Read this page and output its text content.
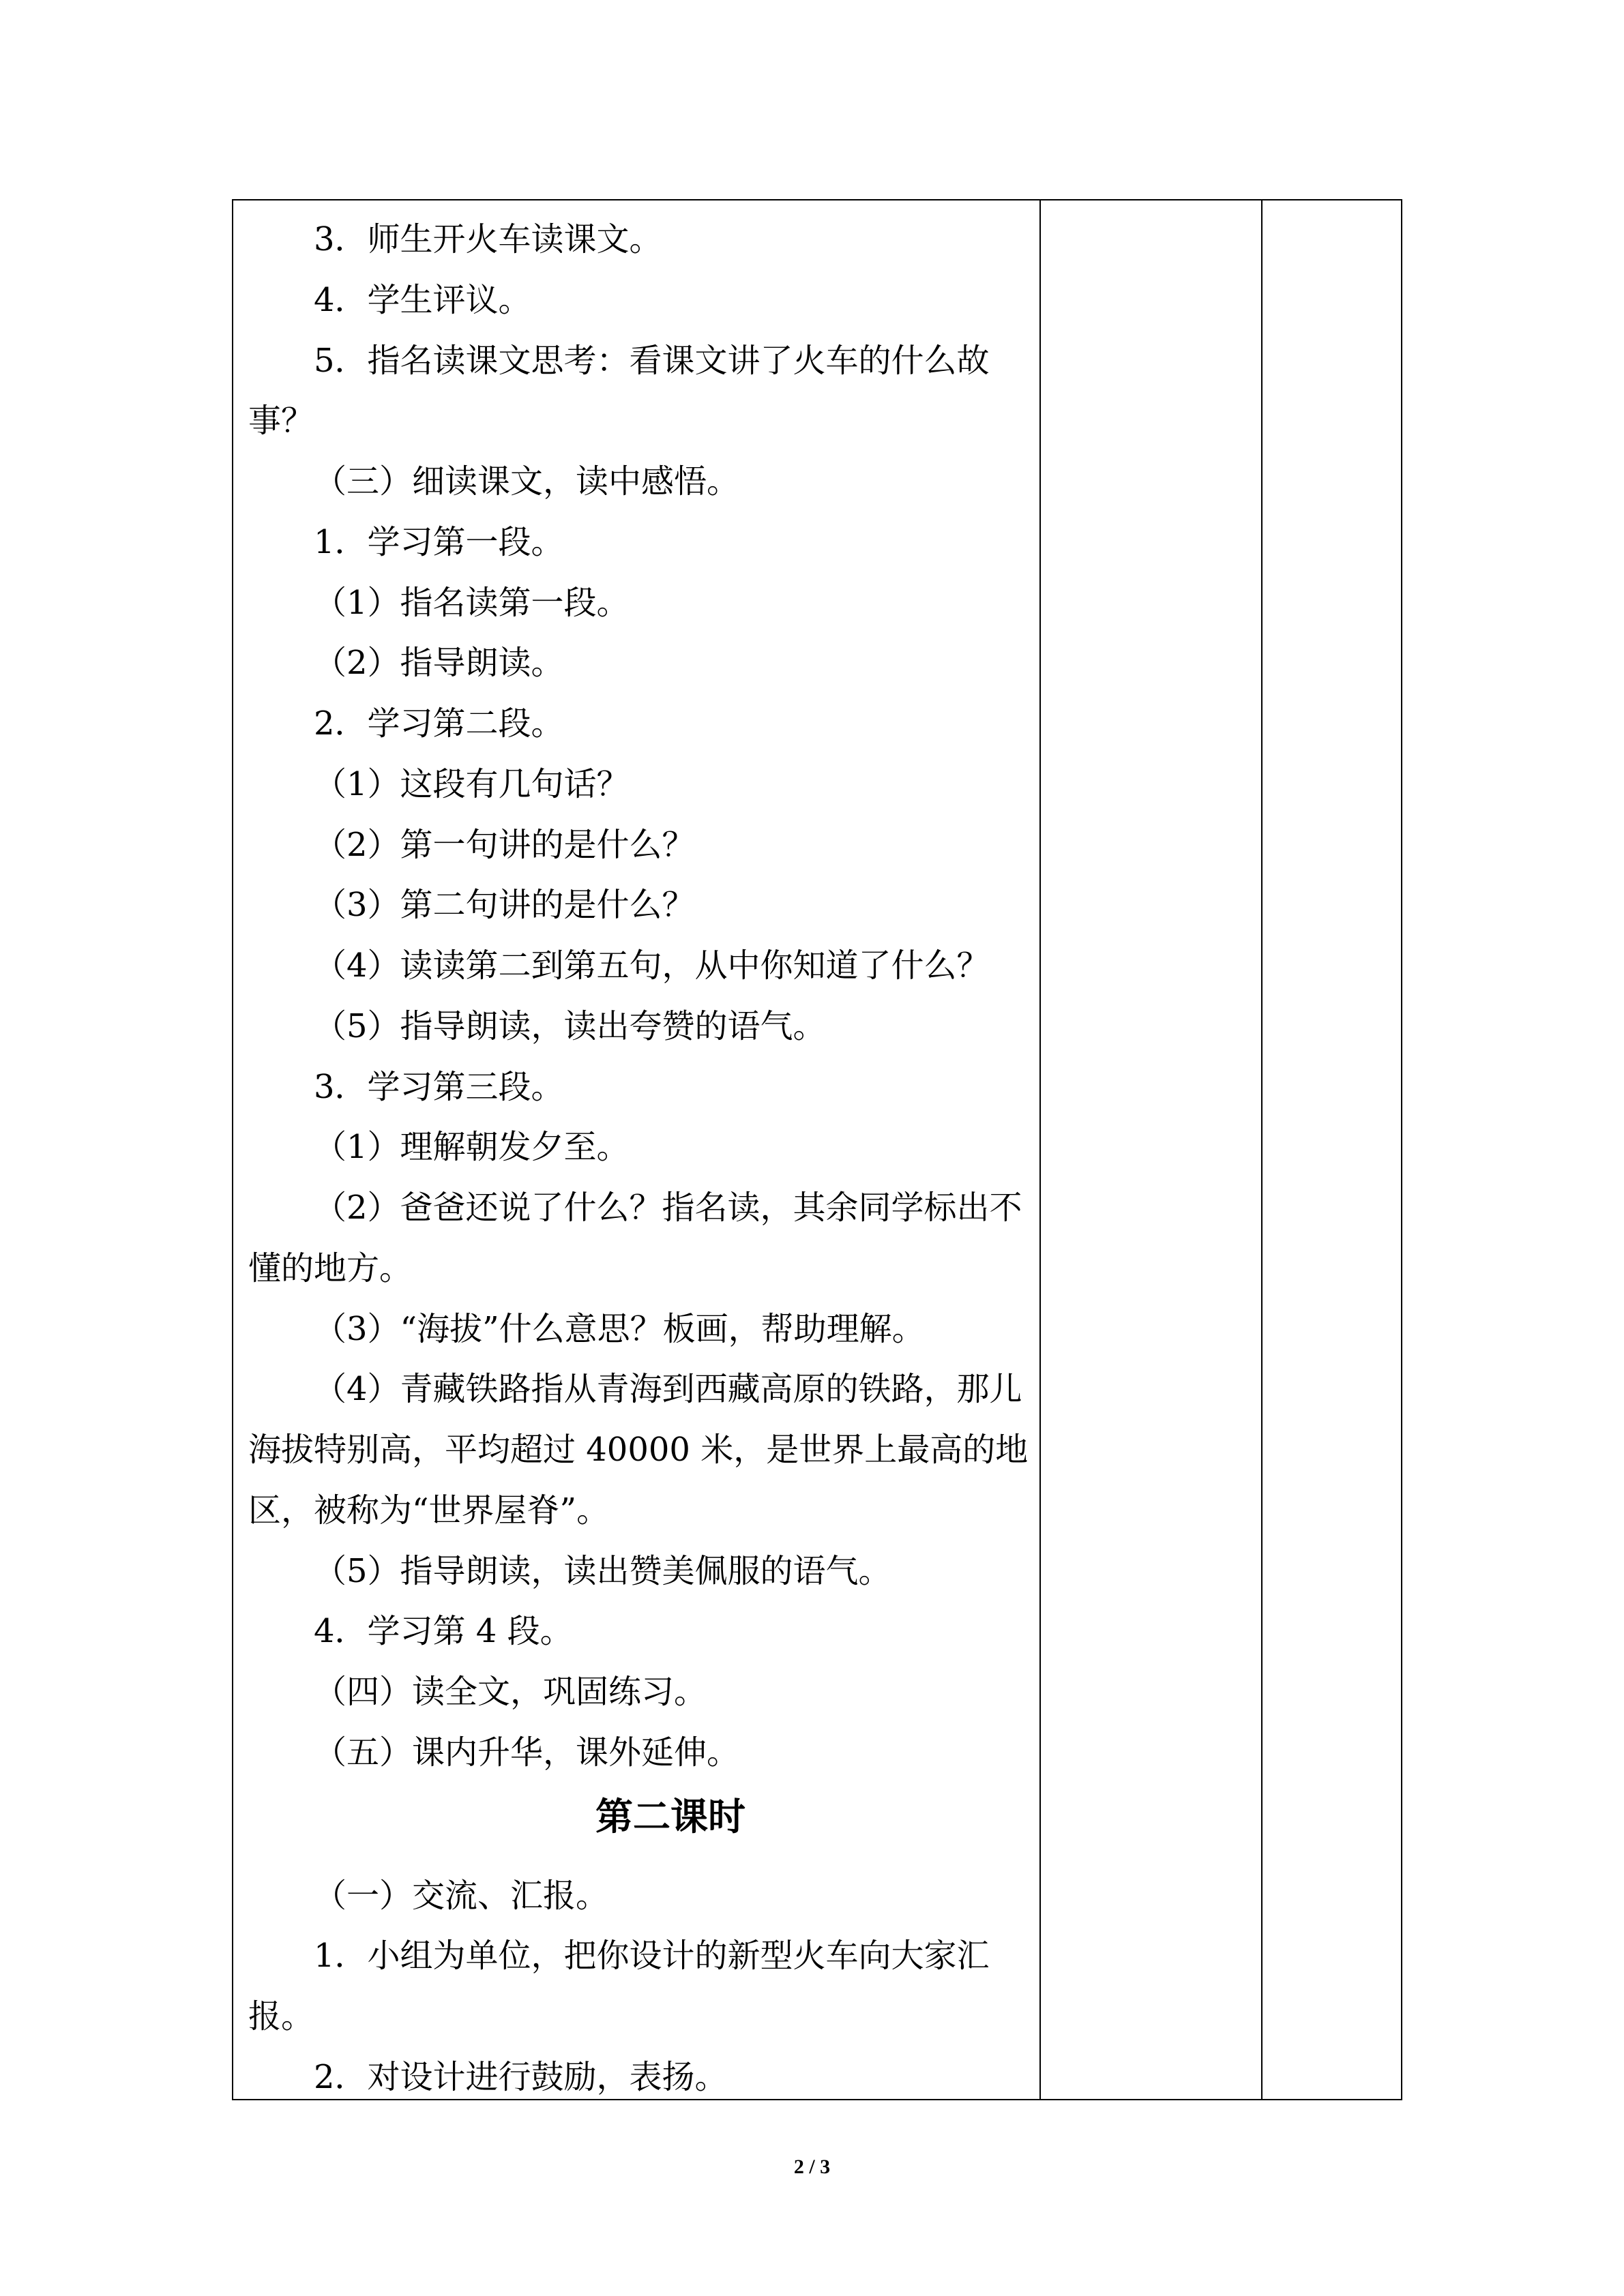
3．师生开火车读课文。
4．学生评议。
5．指名读课文思考：看课文讲了火车的什么故
事？
（三）细读课文，读中感悟。
1．学习第一段。
（1）指名读第一段。
（2）指导朗读。
2．学习第二段。
（1）这段有几句话？
（2）第一句讲的是什么？
（3）第二句讲的是什么？
（4）读读第二到第五句，从中你知道了什么？
（5）指导朗读，读出夸赞的语气。
3．学习第三段。
（1）理解朝发夕至。
（2）爸爸还说了什么？指名读，其余同学标出不
懂的地方。
（3）“海拔”什么意思？板画，帮助理解。
（4）青藏铁路指从青海到西藏高原的铁路，那儿
海拔特别高，平均超过 40000 米，是世界上最高的地
区，被称为“世界屋脊”。
（5）指导朗读，读出赞美佩服的语气。
4．学习第 4 段。
（四）读全文，巩固练习。
（五）课内升华，课外延伸。
第二课时
（一）交流、汇报。
1．小组为单位，把你设计的新型火车向大家汇
报。
2．对设计进行鼓励，表扬。
2 / 3
